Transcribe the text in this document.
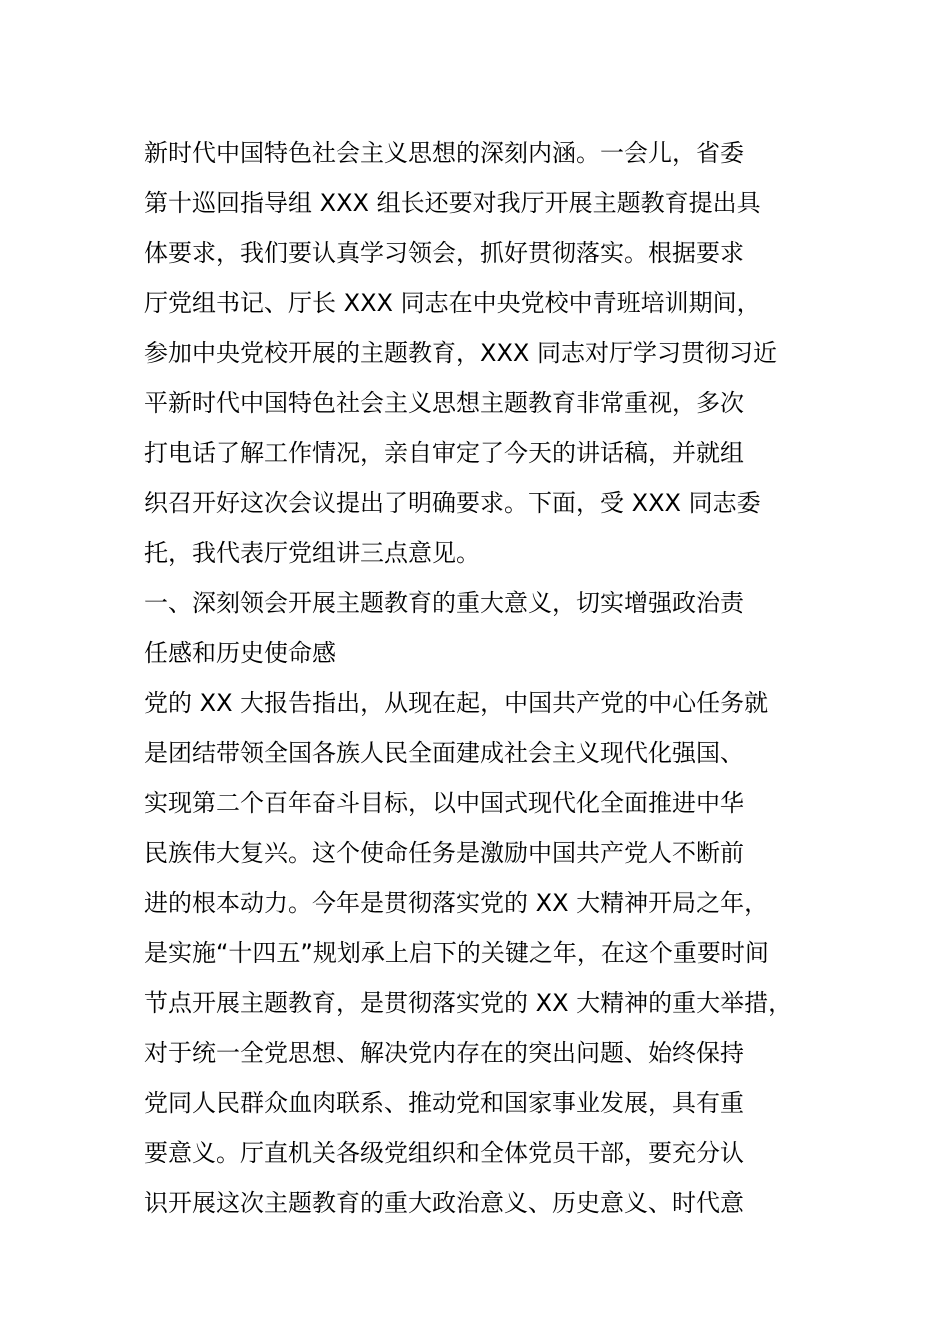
新时代中国特色社会主义思想的深刻内涵。一会儿，省委
第十巡回指导组 XXX 组长还要对我厅开展主题教育提出具
体要求，我们要认真学习领会，抓好贯彻落实。根据要求
厅党组书记、厅长 XXX 同志在中央党校中青班培训期间，
参加中央党校开展的主题教育，XXX 同志对厅学习贯彻习近
平新时代中国特色社会主义思想主题教育非常重视，多次
打电话了解工作情况，亲自审定了今天的讲话稿，并就组
织召开好这次会议提出了明确要求。下面，受 XXX 同志委
托，我代表厅党组讲三点意见。
一、深刻领会开展主题教育的重大意义，切实增强政治责
任感和历史使命感
党的 XX 大报告指出，从现在起，中国共产党的中心任务就
是团结带领全国各族人民全面建成社会主义现代化强国、
实现第二个百年奋斗目标，以中国式现代化全面推进中华
民族伟大复兴。这个使命任务是激励中国共产党人不断前
进的根本动力。今年是贯彻落实党的 XX 大精神开局之年，
是实施“十四五”规划承上启下的关键之年，在这个重要时间
节点开展主题教育，是贯彻落实党的 XX 大精神的重大举措，
对于统一全党思想、解决党内存在的突出问题、始终保持
党同人民群众血肉联系、推动党和国家事业发展，具有重
要意义。厅直机关各级党组织和全体党员干部，要充分认
识开展这次主题教育的重大政治意义、历史意义、时代意
